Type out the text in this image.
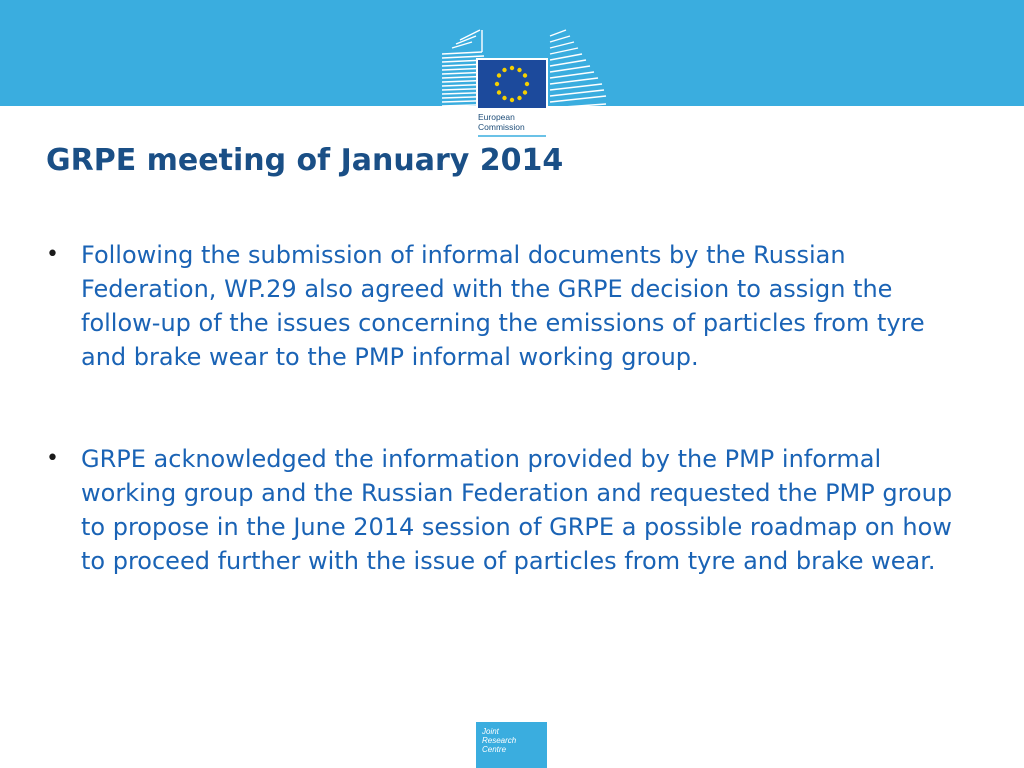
European
Commission
GRPE meeting of January 2014
• Following the submission of informal documents by the Russian Federation, WP.29 also agreed with the GRPE decision to assign the follow-up of the issues concerning the emissions of particles from tyre and brake wear to the PMP informal working group.
• GRPE acknowledged the information provided by the PMP informal working group and the Russian Federation and requested the PMP group to propose in the June 2014 session of GRPE a possible roadmap on how to proceed further with the issue of particles from tyre and brake wear.
Joint
Research
Centre
